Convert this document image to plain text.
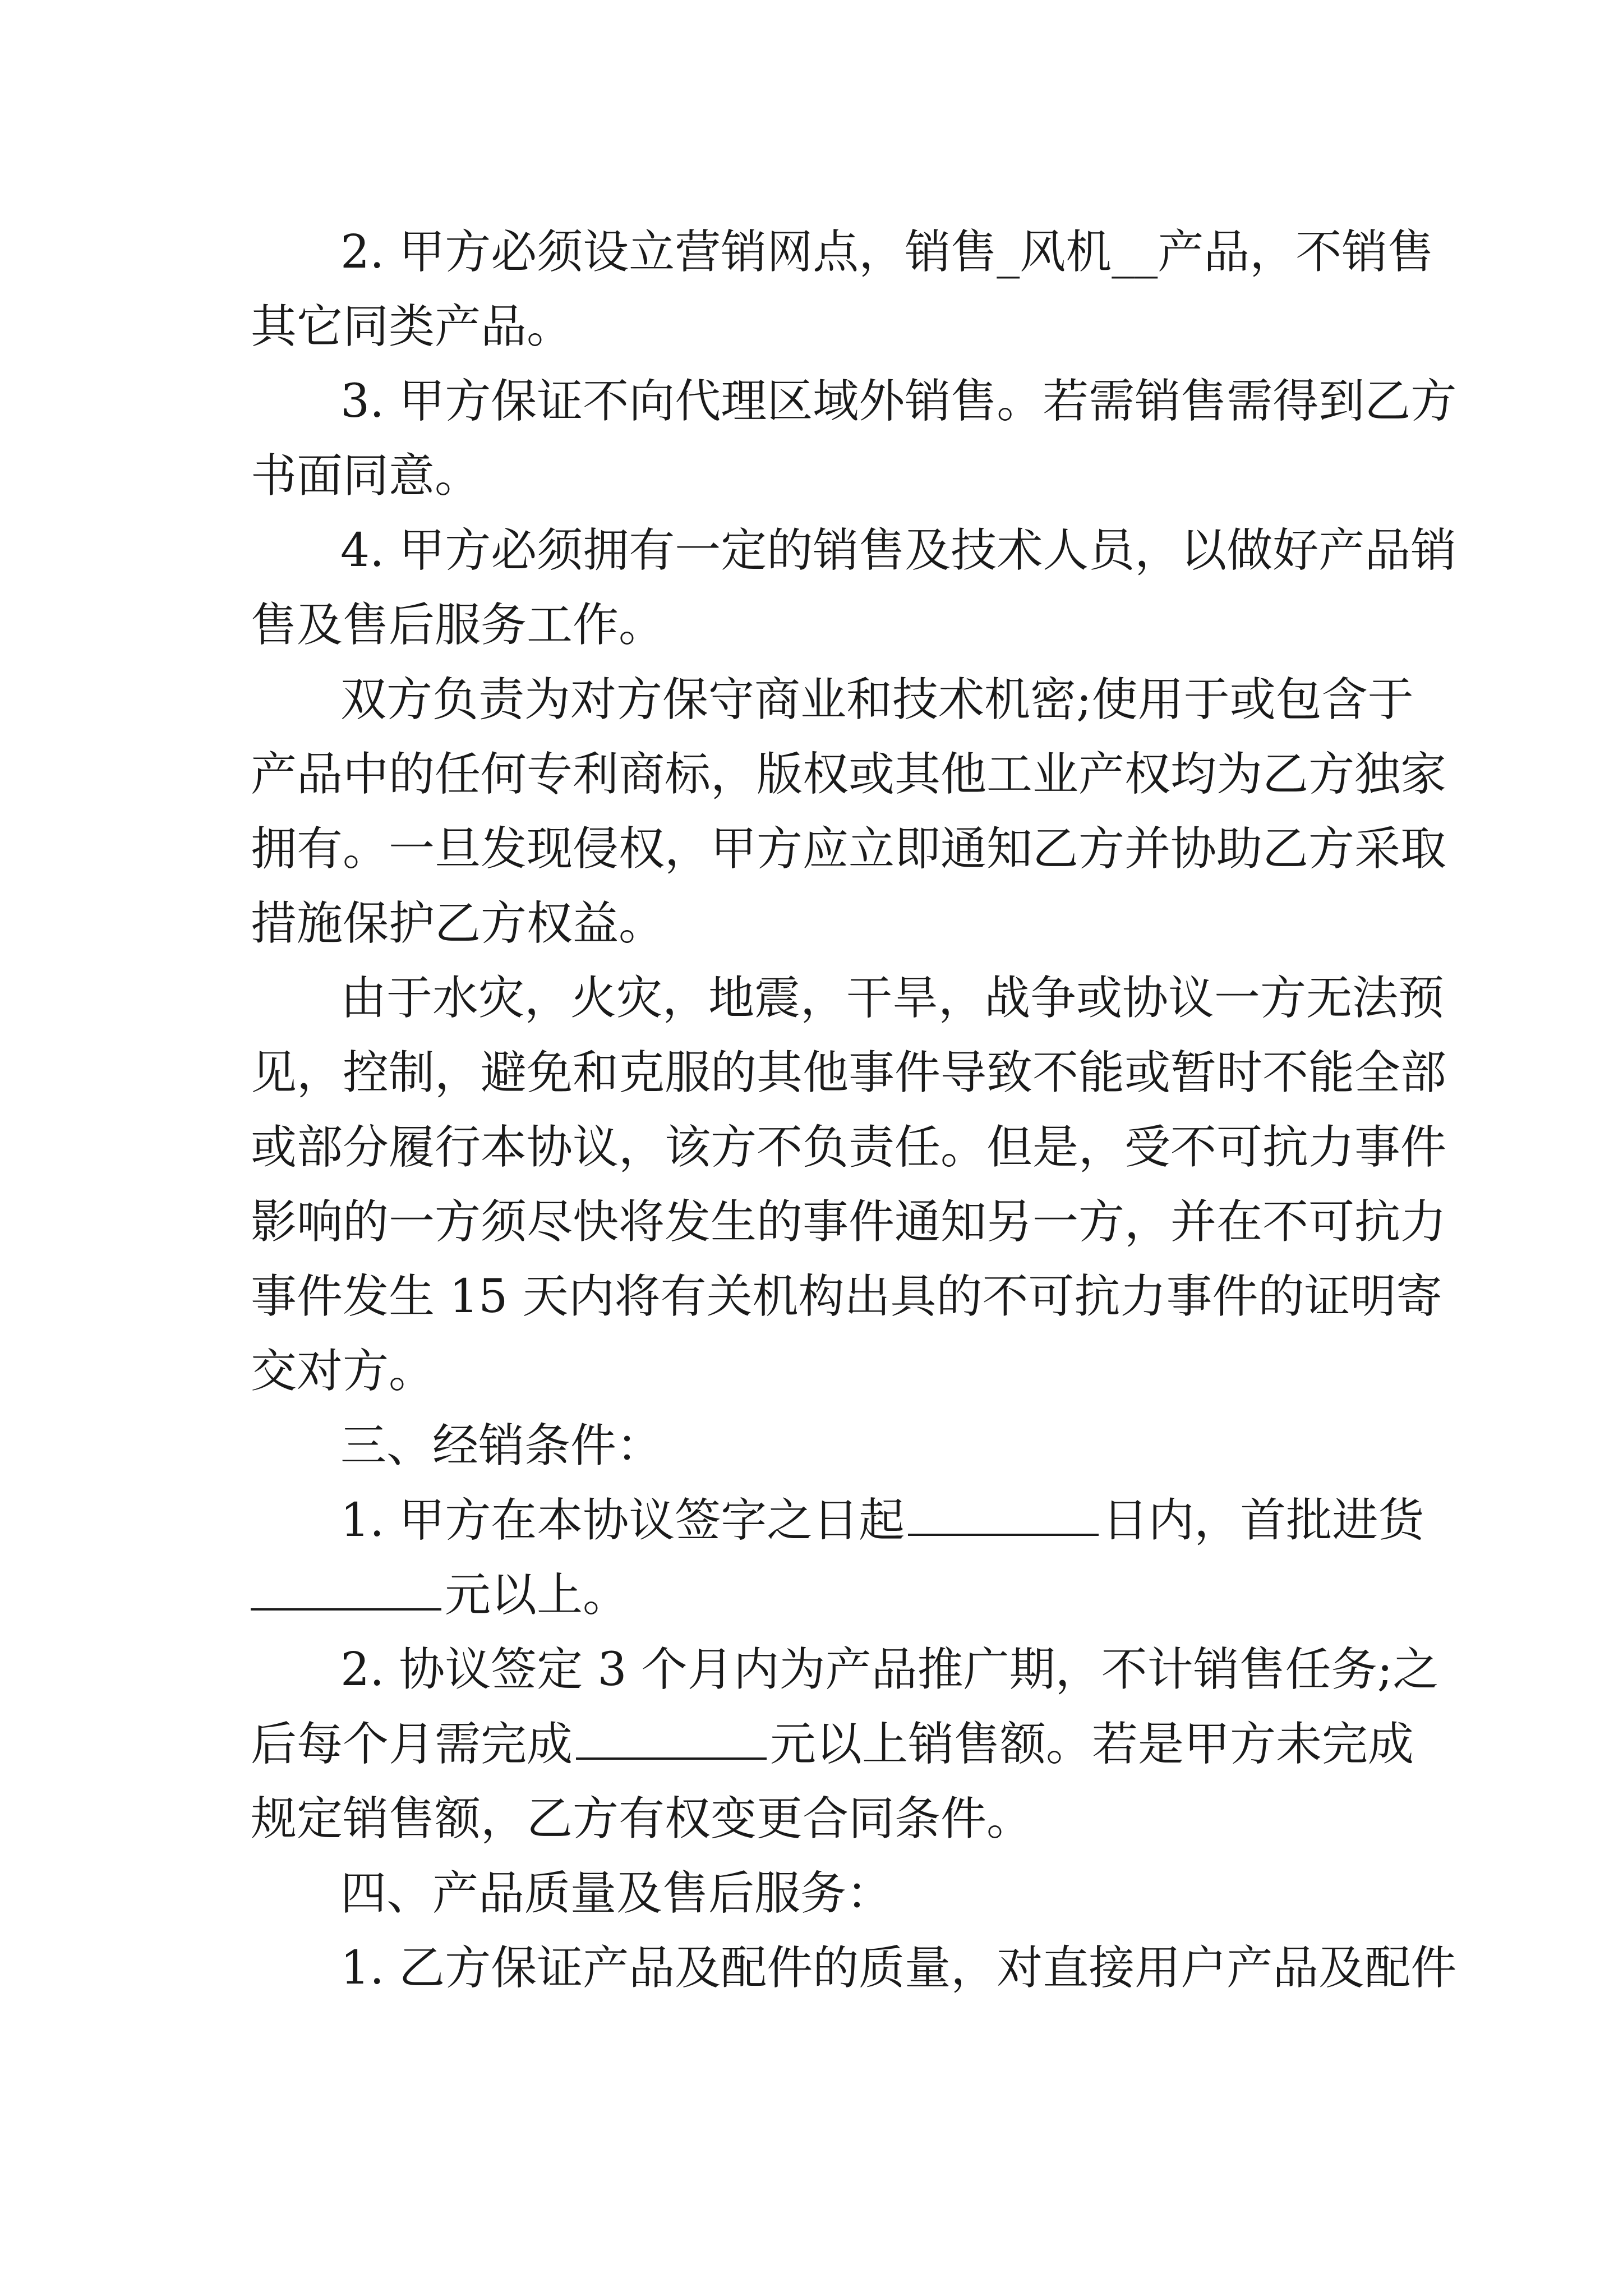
2. 甲方必须设立营销网点，销售_风机__产品，不销售
其它同类产品。
3. 甲方保证不向代理区域外销售。若需销售需得到乙方
书面同意。
4. 甲方必须拥有一定的销售及技术人员，以做好产品销
售及售后服务工作。
双方负责为对方保守商业和技术机密;使用于或包含于
产品中的任何专利商标，版权或其他工业产权均为乙方独家
拥有。一旦发现侵权，甲方应立即通知乙方并协助乙方采取
措施保护乙方权益。
由于水灾，火灾，地震，干旱，战争或协议一方无法预
见，控制，避免和克服的其他事件导致不能或暂时不能全部
或部分履行本协议，该方不负责任。但是，受不可抗力事件
影响的一方须尽快将发生的事件通知另一方，并在不可抗力
事件发生 15 天内将有关机构出具的不可抗力事件的证明寄
交对方。
三、经销条件：
1. 甲方在本协议签字之日起	日内，首批进货
元以上。
2. 协议签定 3 个月内为产品推广期，不计销售任务;之
后每个月需完成	元以上销售额。若是甲方未完成
规定销售额，乙方有权变更合同条件。
四、产品质量及售后服务：
1. 乙方保证产品及配件的质量，对直接用户产品及配件
